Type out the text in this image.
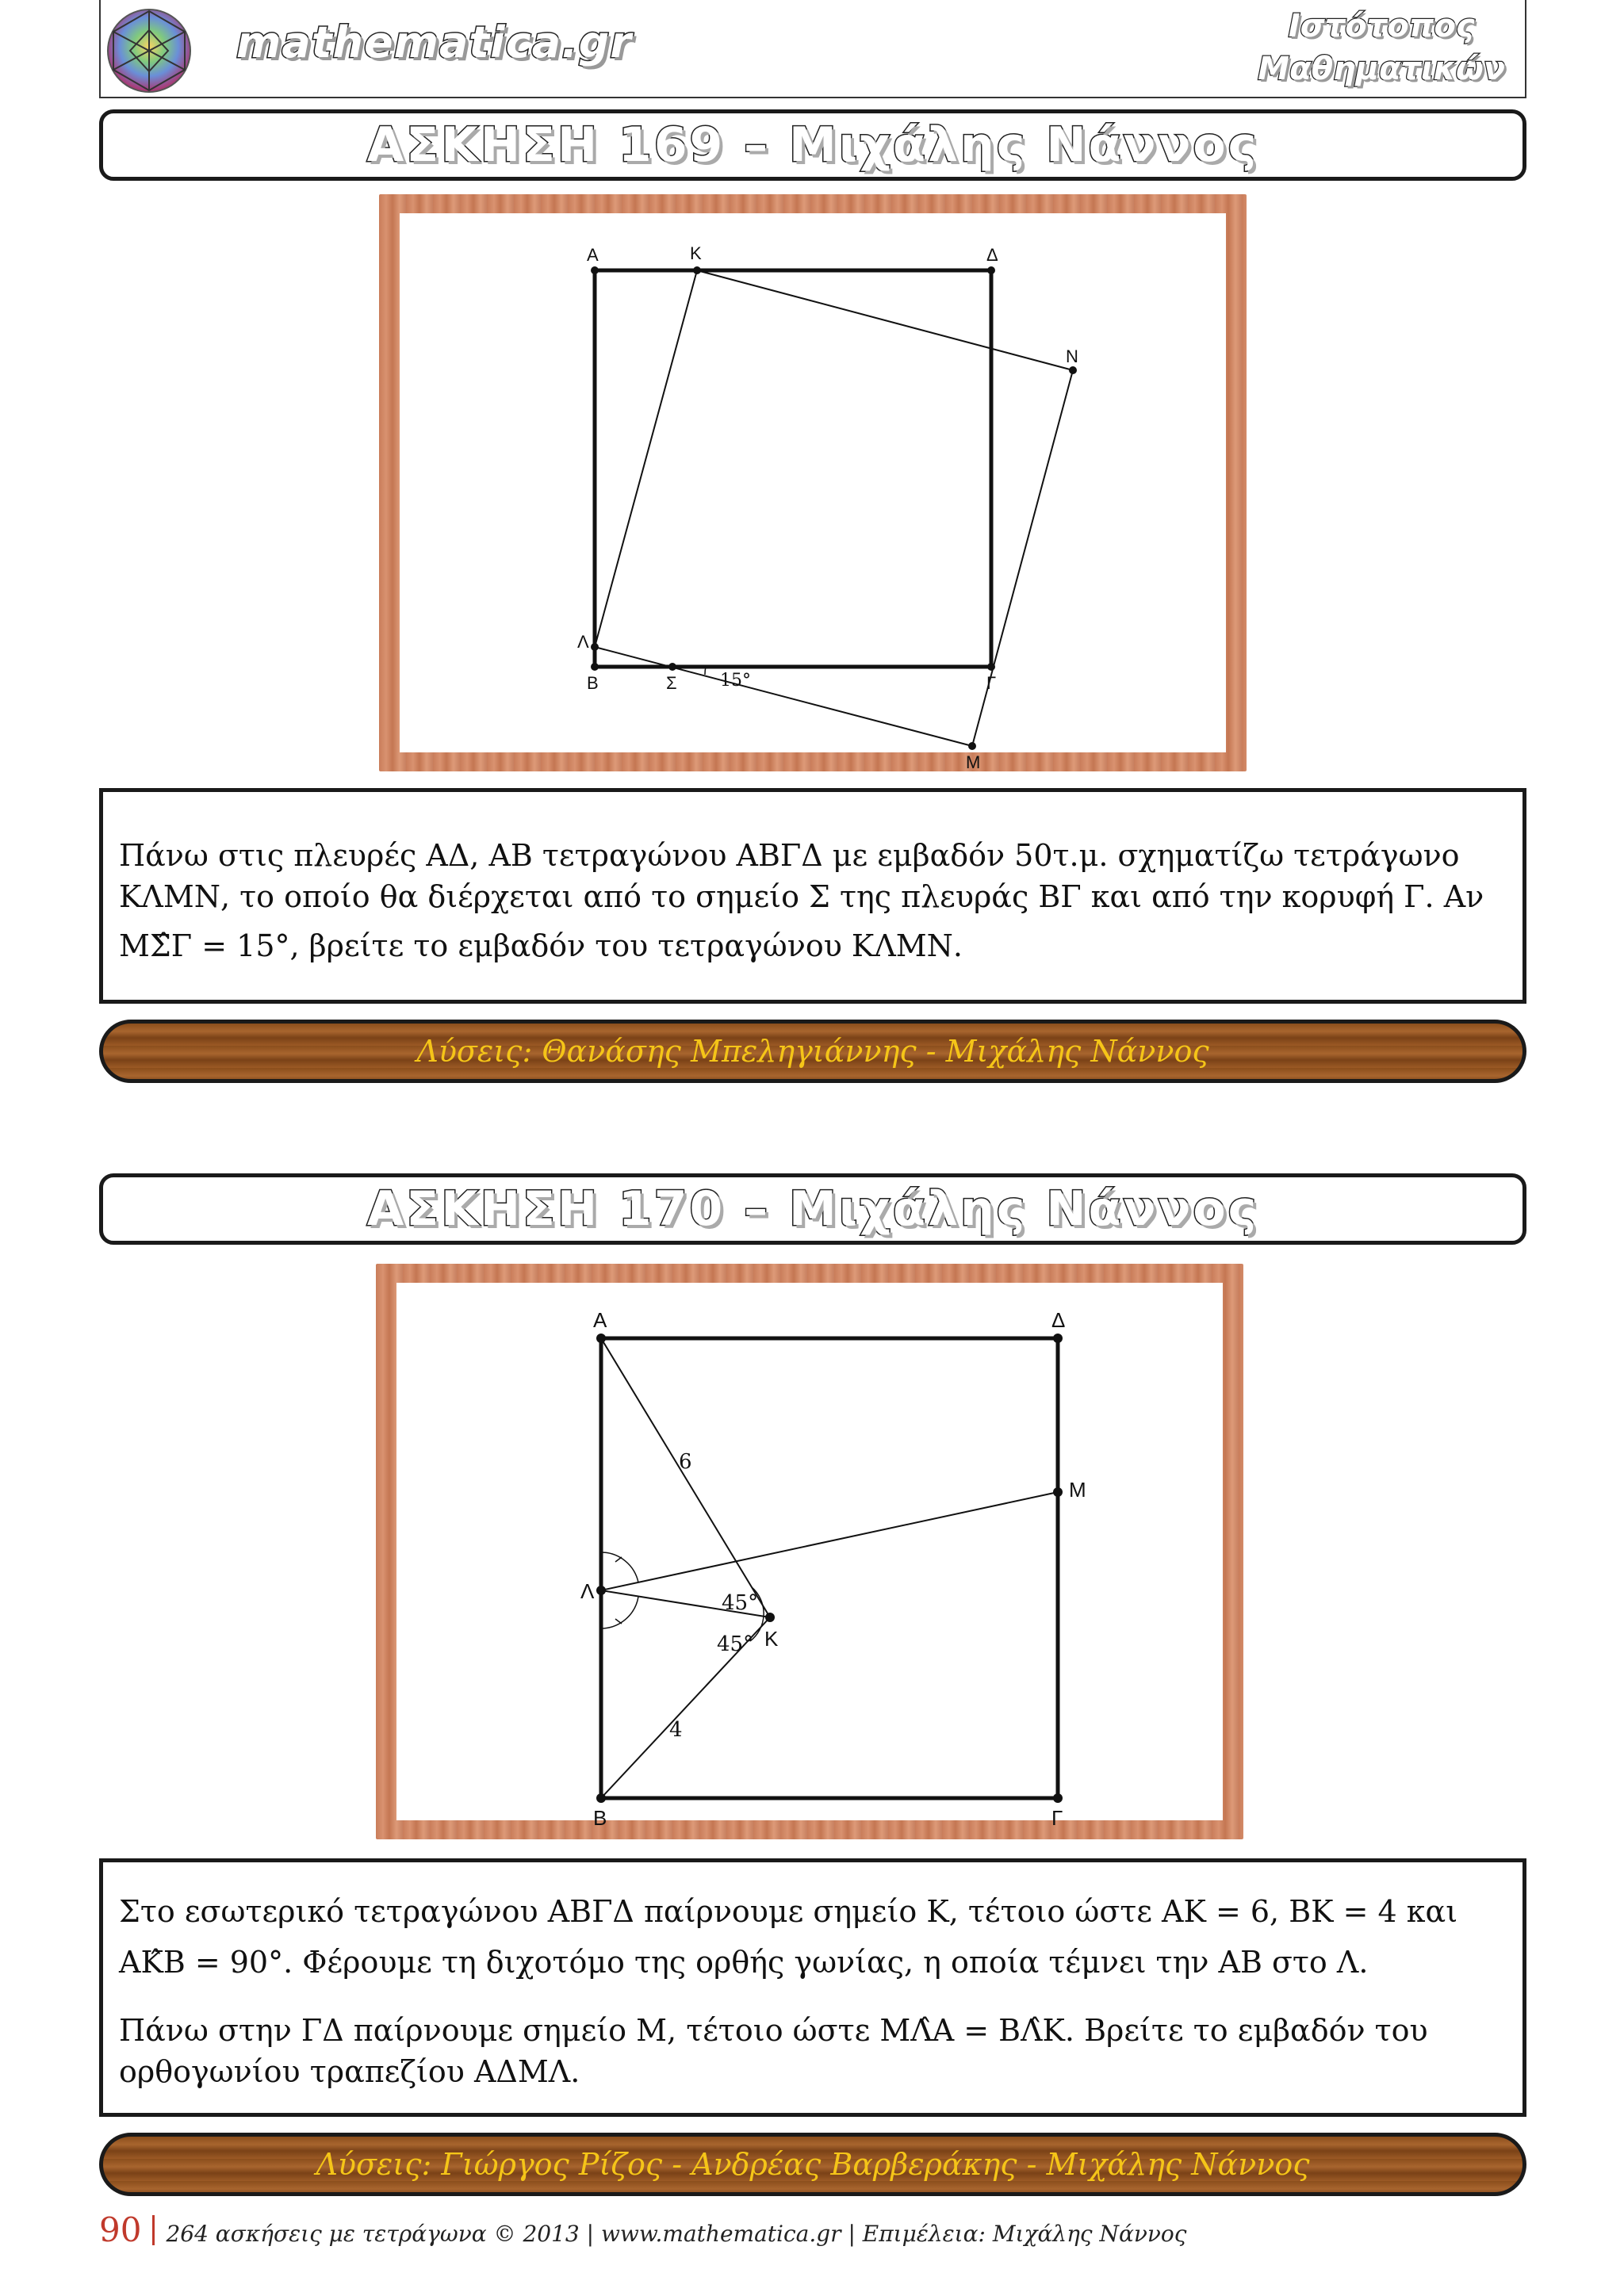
mathematica.gr	Ιστότοπος
Μαθηματικών
ΑΣΚΗΣΗ 169 – Μιχάλης Νάννος
Α	Κ	Δ
Ν
Λ
Β	Σ	Γ
Μ
15°

Πάνω στις πλευρές ΑΔ, ΑΒ τετραγώνου ΑΒΓΔ με εμβαδόν 50τ.μ. σχηματίζω τετράγωνο

ΚΛΜΝ, το οποίο θα διέρχεται από το σημείο Σ της πλευράς ΒΓ και από την κορυφή Γ. Αν

ΜΣ̂Γ = 15°, βρείτε το εμβαδόν του τετραγώνου ΚΛΜΝ.

Λύσεις: Θανάσης Μπεληγιάννης - Μιχάλης Νάννος
ΑΣΚΗΣΗ 170 – Μιχάλης Νάννος
Α	Δ
Μ
Λ
Κ
Β	Γ
6
4
45°
45°

Στο εσωτερικό τετραγώνου ΑΒΓΔ παίρνουμε σημείο Κ, τέτοιο ώστε ΑΚ = 6, ΒΚ = 4 και

ΑΚ̂Β = 90°. Φέρουμε τη διχοτόμο της ορθής γωνίας, η οποία τέμνει την ΑΒ στο Λ.

Πάνω στην ΓΔ παίρνουμε σημείο Μ, τέτοιο ώστε ΜΛ̂Α = ΒΛ̂Κ. Βρείτε το εμβαδόν του

ορθογωνίου τραπεζίου ΑΔΜΛ.

Λύσεις: Γιώργος Ρίζος - Ανδρέας Βαρβεράκης - Μιχάλης Νάννος
90 264 ασκήσεις με τετράγωνα © 2013 | www.mathematica.gr | Επιμέλεια: Μιχάλης Νάννος
